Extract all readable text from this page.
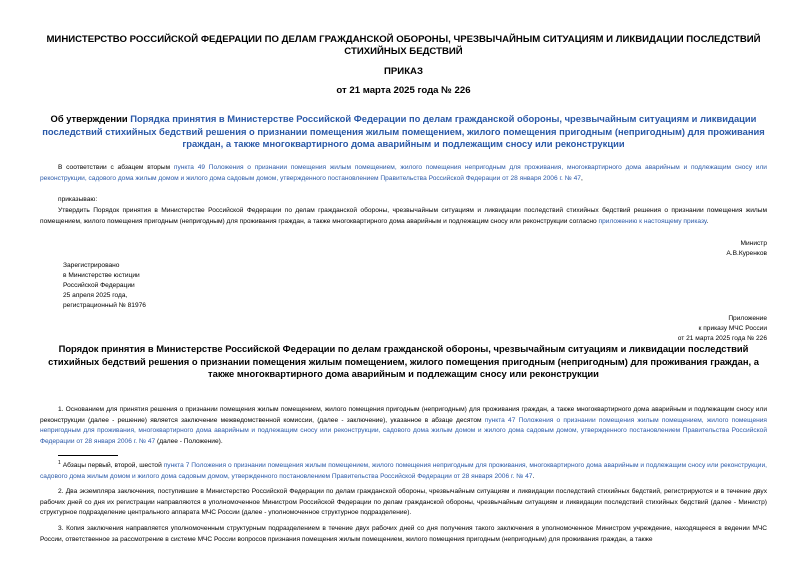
МИНИСТЕРСТВО РОССИЙСКОЙ ФЕДЕРАЦИИ ПО ДЕЛАМ ГРАЖДАНСКОЙ ОБОРОНЫ, ЧРЕЗВЫЧАЙНЫМ СИТУАЦИЯМ И ЛИКВИДАЦИИ ПОСЛЕДСТВИЙ СТИХИЙНЫХ БЕДСТВИЙ
ПРИКАЗ
от 21 марта 2025 года № 226
Об утверждении Порядка принятия в Министерстве Российской Федерации по делам гражданской обороны, чрезвычайным ситуациям и ликвидации последствий стихийных бедствий решения о признании помещения жилым помещением, жилого помещения пригодным (непригодным) для проживания граждан, а также многоквартирного дома аварийным и подлежащим сносу или реконструкции
В соответствии с абзацем вторым пункта 49 Положения о признании помещения жилым помещением, жилого помещения непригодным для проживания, многоквартирного дома аварийным и подлежащим сносу или реконструкции, садового дома жилым домом и жилого дома садовым домом, утвержденного постановлением Правительства Российской Федерации от 28 января 2006 г. № 47,
приказываю:
Утвердить Порядок принятия в Министерстве Российской Федерации по делам гражданской обороны, чрезвычайным ситуациям и ликвидации последствий стихийных бедствий решения о признании помещения жилым помещением, жилого помещения пригодным (непригодным) для проживания граждан, а также многоквартирного дома аварийным и подлежащим сносу или реконструкции согласно приложению к настоящему приказу.
Министр
А.В.Куренков
Зарегистрировано
в Министерстве юстиции
Российской Федерации
25 апреля 2025 года,
регистрационный № 81976
Приложение
к приказу МЧС России
от 21 марта 2025 года № 226
Порядок принятия в Министерстве Российской Федерации по делам гражданской обороны, чрезвычайным ситуациям и ликвидации последствий стихийных бедствий решения о признании помещения жилым помещением, жилого помещения пригодным (непригодным) для проживания граждан, а также многоквартирного дома аварийным и подлежащим сносу или реконструкции
1. Основанием для принятия решения о признании помещения жилым помещением, жилого помещения пригодным (непригодным) для проживания граждан, а также многоквартирного дома аварийным и подлежащим сносу или реконструкции (далее - решение) является заключение межведомственной комиссии, (далее - заключение), указанное в абзаце десятом пункта 47 Положения о признании помещения жилым помещением, жилого помещения непригодным для проживания, многоквартирного дома аварийным и подлежащим сносу или реконструкции, садового дома жилым домом и жилого дома садовым домом, утвержденного постановлением Правительства Российской Федерации от 28 января 2006 г. № 47 (далее - Положение).
$^1$ Абзацы первый, второй, шестой пункта 7 Положения о признании помещения жилым помещением, жилого помещения непригодным для проживания, многоквартирного дома аварийным и подлежащим сносу или реконструкции, садового дома жилым домом и жилого дома садовым домом, утвержденного постановлением Правительства Российской Федерации от 28 января 2006 г. № 47.
2. Два экземпляра заключения, поступившие в Министерство Российской Федерации по делам гражданской обороны, чрезвычайным ситуациям и ликвидации последствий стихийных бедствий, регистрируются и в течение двух рабочих дней со дня их регистрации направляются в уполномоченное Министром Российской Федерации по делам гражданской обороны, чрезвычайным ситуациям и ликвидации последствий стихийных бедствий (далее - Министр) структурное подразделение центрального аппарата МЧС России (далее - уполномоченное структурное подразделение).
3. Копия заключения направляется уполномоченным структурным подразделением в течение двух рабочих дней со дня получения такого заключения в уполномоченное Министром учреждение, находящееся в ведении МЧС России, ответственное за рассмотрение в системе МЧС России вопросов признания помещения жилым помещением, жилого помещения пригодным (непригодным) для проживания граждан, а также
